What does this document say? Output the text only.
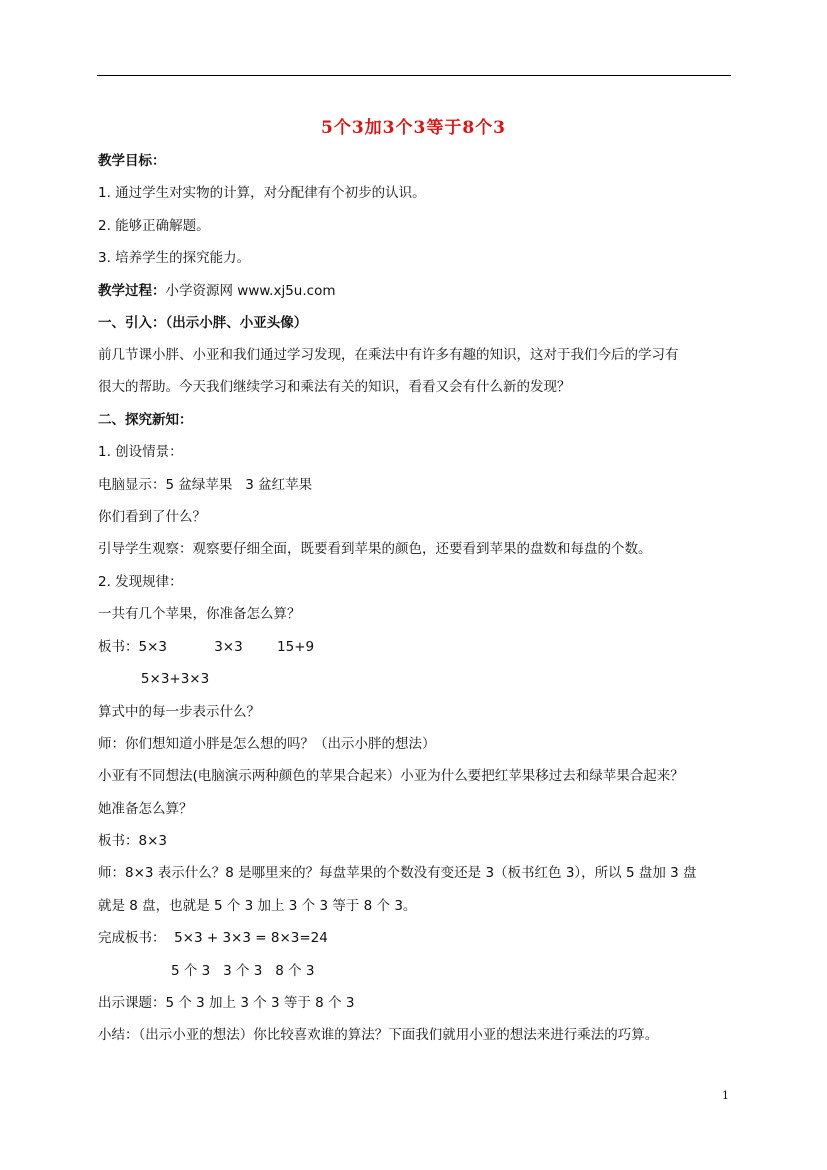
5个3加3个3等于8个3
教学目标：
1. 通过学生对实物的计算，对分配律有个初步的认识。
2. 能够正确解题。
3. 培养学生的探究能力。
教学过程：小学资源网 www.xj5u.com
一、引入：（出示小胖、小亚头像）
前几节课小胖、小亚和我们通过学习发现，在乘法中有许多有趣的知识，这对于我们今后的学习有
很大的帮助。今天我们继续学习和乘法有关的知识，看看又会有什么新的发现？
二、探究新知：
1. 创设情景：
电脑显示：5 盆绿苹果   3 盆红苹果
你们看到了什么？
引导学生观察：观察要仔细全面，既要看到苹果的颜色，还要看到苹果的盘数和每盘的个数。
2. 发现规律：
一共有几个苹果，你准备怎么算？
板书：5×3           3×3        15+9
5×3+3×3
算式中的每一步表示什么？
师：你们想知道小胖是怎么想的吗？（出示小胖的想法）
小亚有不同想法(电脑演示两种颜色的苹果合起来）小亚为什么要把红苹果移过去和绿苹果合起来？
她准备怎么算？
板书：8×3
师：8×3 表示什么？8 是哪里来的？每盘苹果的个数没有变还是 3（板书红色 3），所以 5 盘加 3 盘
就是 8 盘，也就是 5 个 3 加上 3 个 3 等于 8 个 3。
完成板书：  5×3 + 3×3 = 8×3=24
5 个 3   3 个 3   8 个 3
出示课题：5 个 3 加上 3 个 3 等于 8 个 3
小结：（出示小亚的想法）你比较喜欢谁的算法？下面我们就用小亚的想法来进行乘法的巧算。
1
